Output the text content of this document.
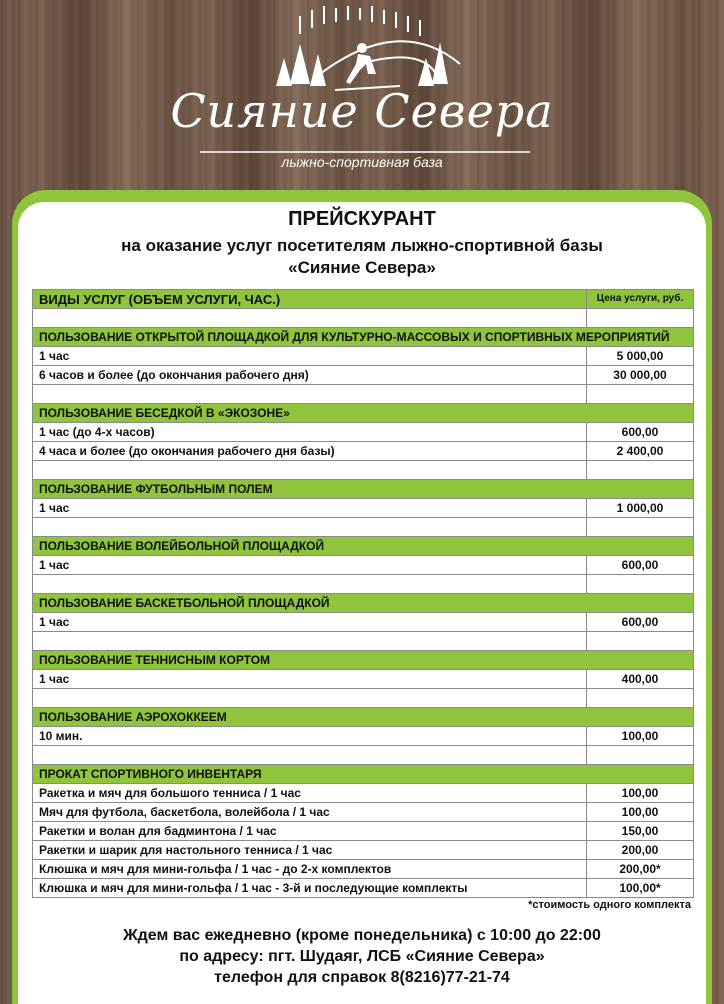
Сияние Севера
лыжно-спортивная база
ПРЕЙСКУРАНТ
на оказание услуг посетителям лыжно-спортивной базы
«Сияние Севера»
ВИДЫ УСЛУГ (ОБЪЕМ УСЛУГИ, ЧАС.)	Цена услуги, руб.

ПОЛЬЗОВАНИЕ ОТКРЫТОЙ ПЛОЩАДКОЙ ДЛЯ КУЛЬТУРНО-МАССОВЫХ И СПОРТИВНЫХ МЕРОПРИЯТИЙ	
1 час	5 000,00
6 часов и более (до окончания рабочего дня)	30 000,00

ПОЛЬЗОВАНИЕ БЕСЕДКОЙ В «ЭКОЗОНЕ»	
1 час (до 4-х часов)	600,00
4 часа и более (до окончания рабочего дня базы)	2 400,00

ПОЛЬЗОВАНИЕ ФУТБОЛЬНЫМ ПОЛЕМ	
1 час	1 000,00

ПОЛЬЗОВАНИЕ ВОЛЕЙБОЛЬНОЙ ПЛОЩАДКОЙ	
1 час	600,00

ПОЛЬЗОВАНИЕ БАСКЕТБОЛЬНОЙ ПЛОЩАДКОЙ	
1 час	600,00

ПОЛЬЗОВАНИЕ ТЕННИСНЫМ КОРТОМ	
1 час	400,00

ПОЛЬЗОВАНИЕ АЭРОХОККЕЕМ	
10 мин.	100,00

ПРОКАТ СПОРТИВНОГО ИНВЕНТАРЯ	
Ракетка и мяч для большого тенниса / 1 час	100,00
Мяч для футбола, баскетбола, волейбола / 1 час	100,00
Ракетки и волан для бадминтона / 1 час	150,00
Ракетки и шарик для настольного тенниса / 1 час	200,00
Клюшка и мяч для мини-гольфа / 1 час - до 2-х комплектов	200,00*
Клюшка и мяч для мини-гольфа / 1 час - 3-й и последующие комплекты	100,00*
*стоимость одного комплекта
Ждем вас ежедневно (кроме понедельника) с 10:00 до 22:00
по адресу: пгт. Шудаяг, ЛСБ «Сияние Севера»
телефон для справок 8(8216)77-21-74
